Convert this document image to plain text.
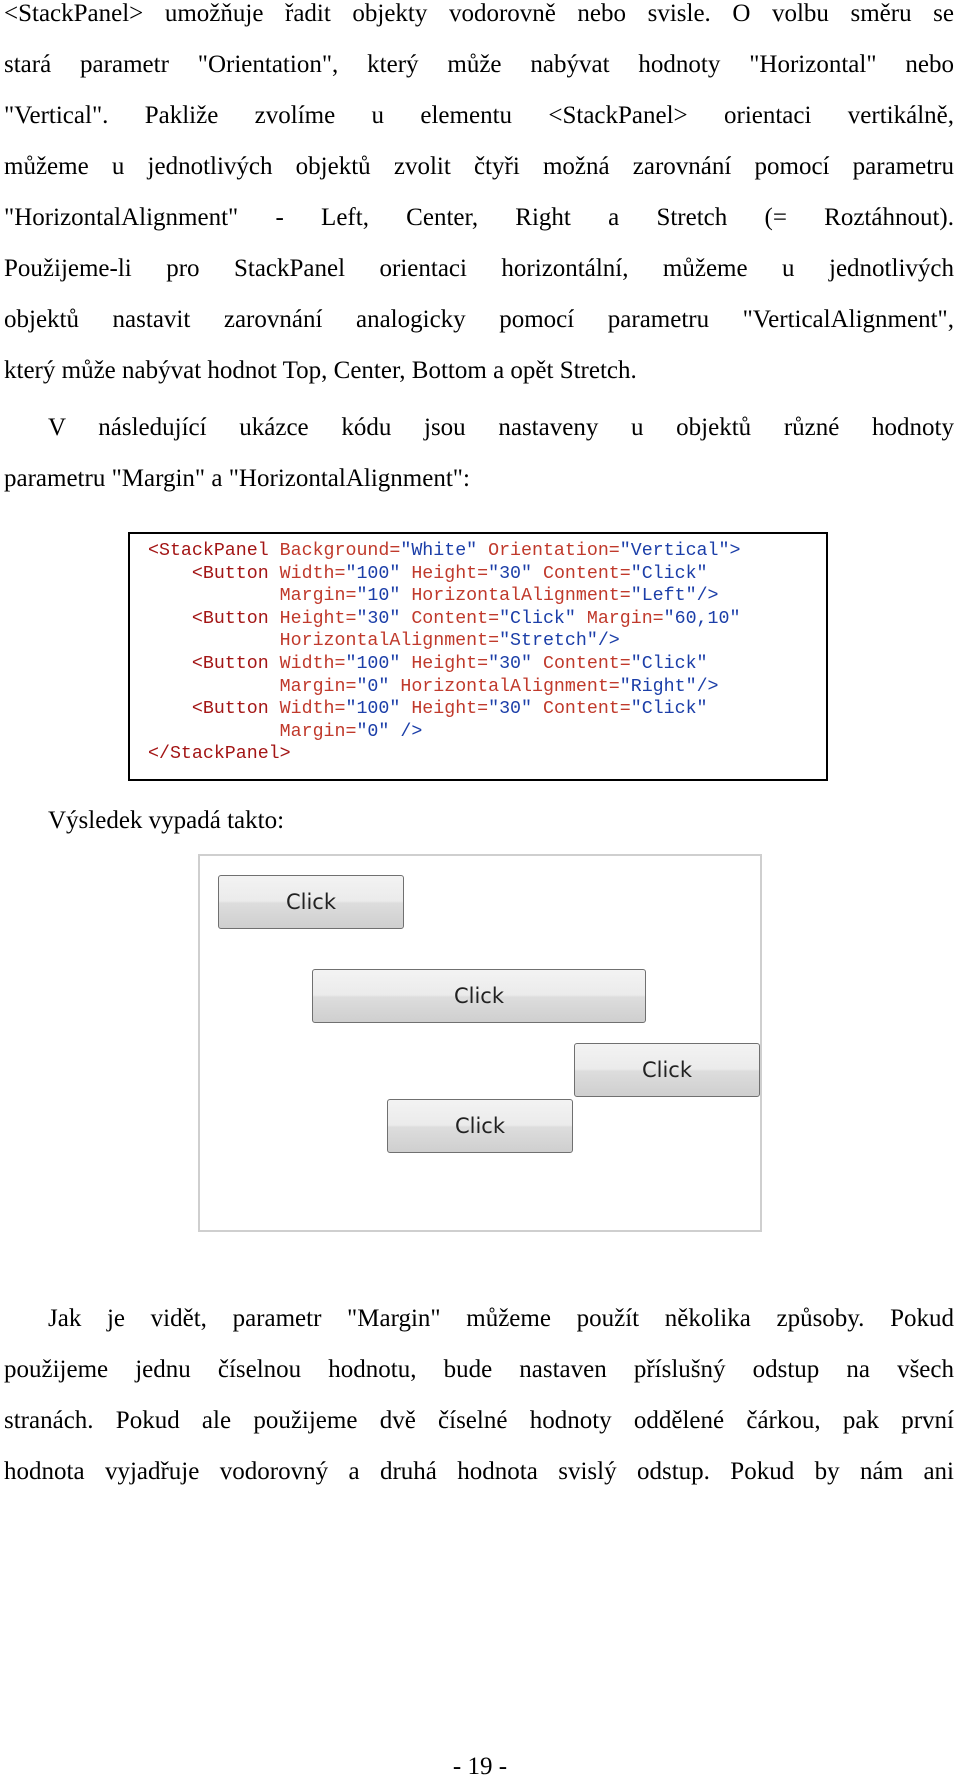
<StackPanel> umožňuje řadit objekty vodorovně nebo svisle. O volbu směru se
stará parametr "Orientation", který může nabývat hodnoty "Horizontal" nebo
"Vertical". Pakliže zvolíme u elementu <StackPanel> orientaci vertikálně,
můžeme u jednotlivých objektů zvolit čtyři možná zarovnání pomocí parametru
"HorizontalAlignment" - Left, Center, Right a Stretch (= Roztáhnout).
Použijeme-li pro StackPanel orientaci horizontální, můžeme u jednotlivých
objektů nastavit zarovnání analogicky pomocí parametru "VerticalAlignment",
který může nabývat hodnot Top, Center, Bottom a opět Stretch.
V následující ukázce kódu jsou nastaveny u objektů různé hodnoty
parametru "Margin" a "HorizontalAlignment":
<StackPanel Background="White" Orientation="Vertical">
<Button Width="100" Height="30" Content="Click"
Margin="10" HorizontalAlignment="Left"/>
<Button Height="30" Content="Click" Margin="60,10"
HorizontalAlignment="Stretch"/>
<Button Width="100" Height="30" Content="Click"
Margin="0" HorizontalAlignment="Right"/>
<Button Width="100" Height="30" Content="Click"
Margin="0" />
</StackPanel>
Výsledek vypadá takto:
Click
Click
Click
Click
Jak je vidět, parametr "Margin" můžeme použít několika způsoby. Pokud
použijeme jednu číselnou hodnotu, bude nastaven příslušný odstup na všech
stranách. Pokud ale použijeme dvě číselné hodnoty oddělené čárkou, pak první
hodnota vyjadřuje vodorovný a druhá hodnota svislý odstup. Pokud by nám ani
- 19 -
